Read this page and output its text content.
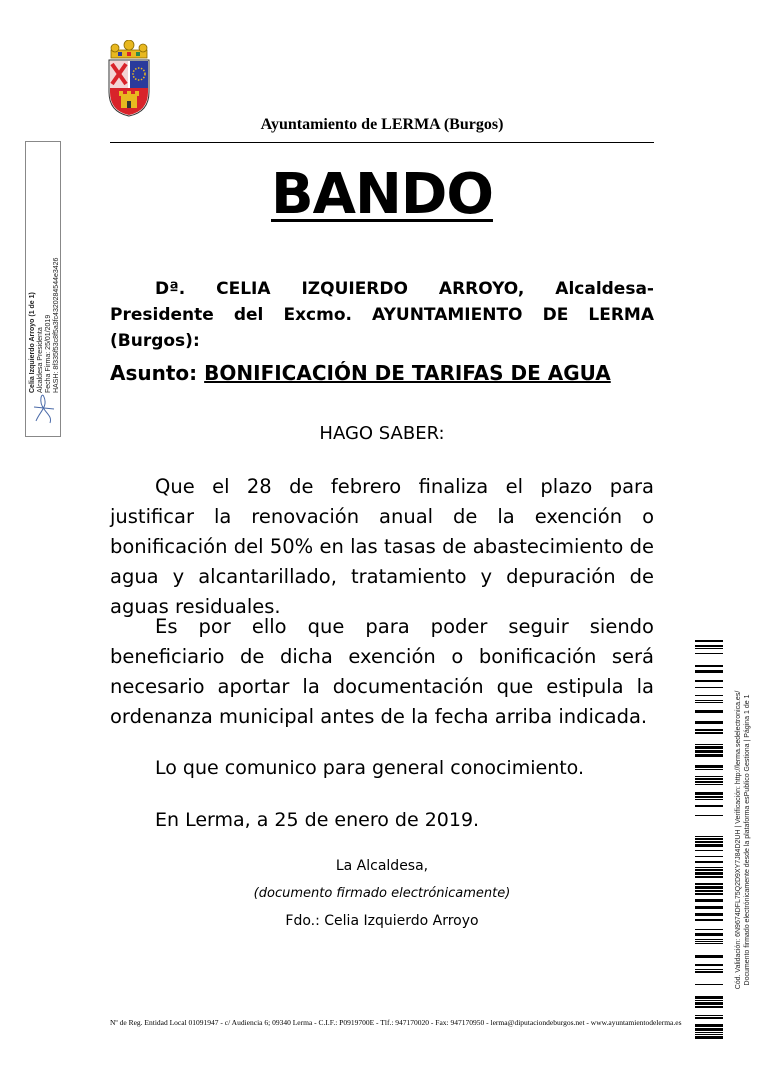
Ayuntamiento de LERMA (Burgos)
BANDO
Dª. CELIA IZQUIERDO ARROYO, Alcaldesa-Presidente del Excmo. AYUNTAMIENTO DE LERMA (Burgos):
Asunto: BONIFICACIÓN DE TARIFAS DE AGUA
HAGO SABER:
Que el 28 de febrero finaliza el plazo para justificar la renovación anual de la exención o bonificación del 50% en las tasas de abastecimiento de agua y alcantarillado, tratamiento y depuración de aguas residuales.
Es por ello que para poder seguir siendo beneficiario de dicha exención o bonificación será necesario aportar la documentación que estipula la ordenanza municipal antes de la fecha arriba indicada.
Lo que comunico para general conocimiento.
En Lerma, a 25 de enero de 2019.
La Alcaldesa,
(documento firmado electrónicamente)
Fdo.: Celia Izquierdo Arroyo
Nº de Reg. Entidad Local 01091947 - c/ Audiencia 6; 09340 Lerma - C.I.F.: P0919700E - Tlf.: 947170020 - Fax: 947170950 - lerma@diputaciondeburgos.net - www.ayuntamientodelerma.es
Celia Izquierdo Arroyo (1 de 1) Alcaldesa Presidenta Fecha Firma: 25/01/2019 HASH: 8f335f53c8f5a3fc4320284544e3426
Cód. Validación: 6N9674DFL75Q2D9XY7J84D2UH | Verificación: http://lerma.sedelectronica.es/ Documento firmado electrónicamente desde la plataforma esPublico Gestiona | Página 1 de 1
